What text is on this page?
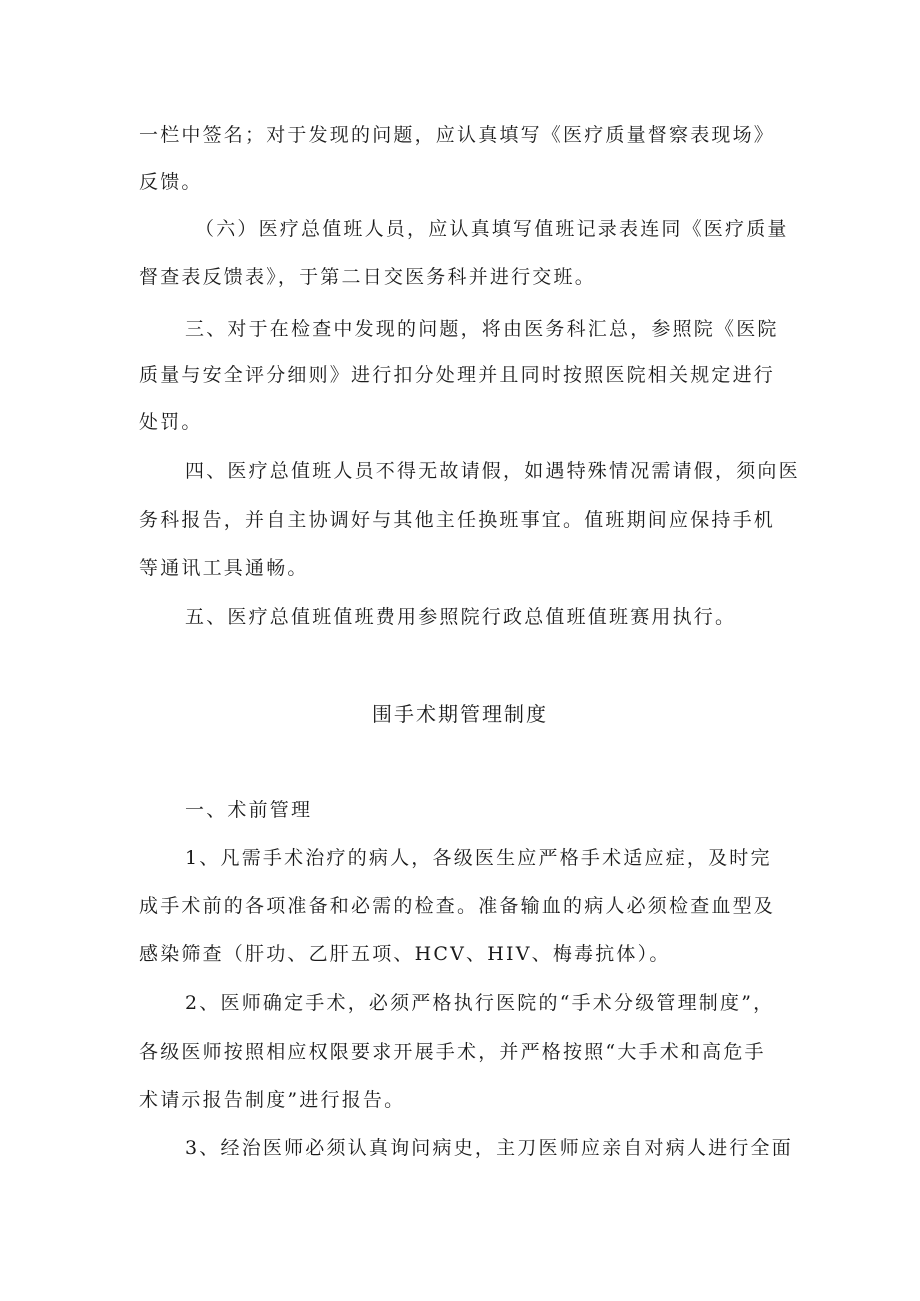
一栏中签名；对于发现的问题，应认真填写《医疗质量督察表现场》
反馈。
（六）医疗总值班人员，应认真填写值班记录表连同《医疗质量
督查表反馈表》，于第二日交医务科并进行交班。
三、对于在检查中发现的问题，将由医务科汇总，参照院《医院
质量与安全评分细则》进行扣分处理并且同时按照医院相关规定进行
处罚。
四、医疗总值班人员不得无故请假，如遇特殊情况需请假，须向医
务科报告，并自主协调好与其他主任换班事宜。值班期间应保持手机
等通讯工具通畅。
五、医疗总值班值班费用参照院行政总值班值班赛用执行。
围手术期管理制度
一、术前管理
1、凡需手术治疗的病人，各级医生应严格手术适应症，及时完
成手术前的各项准备和必需的检查。准备输血的病人必须检查血型及
感染筛查（肝功、乙肝五项、HCV、HIV、梅毒抗体）。
2、医师确定手术，必须严格执行医院的“手术分级管理制度”，
各级医师按照相应权限要求开展手术，并严格按照“大手术和高危手
术请示报告制度”进行报告。
3、经治医师必须认真询问病史，主刀医师应亲自对病人进行全面
